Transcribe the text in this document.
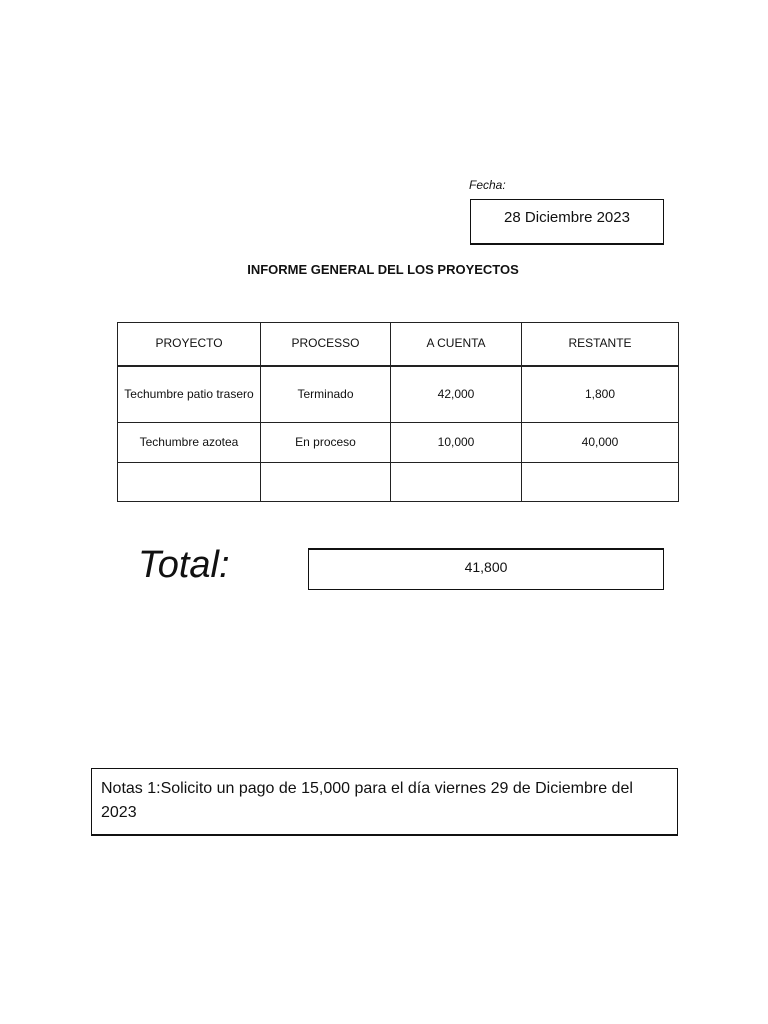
Fecha:
28 Diciembre 2023
INFORME GENERAL DEL LOS PROYECTOS
PROYECTO	PROCESSO	A CUENTA	RESTANTE
Techumbre patio trasero	Terminado	42,000	1,800
Techumbre azotea	En proceso	10,000	40,000

Total:	41,800
Notas 1:Solicito un pago de 15,000 para el día viernes 29 de Diciembre del 2023
